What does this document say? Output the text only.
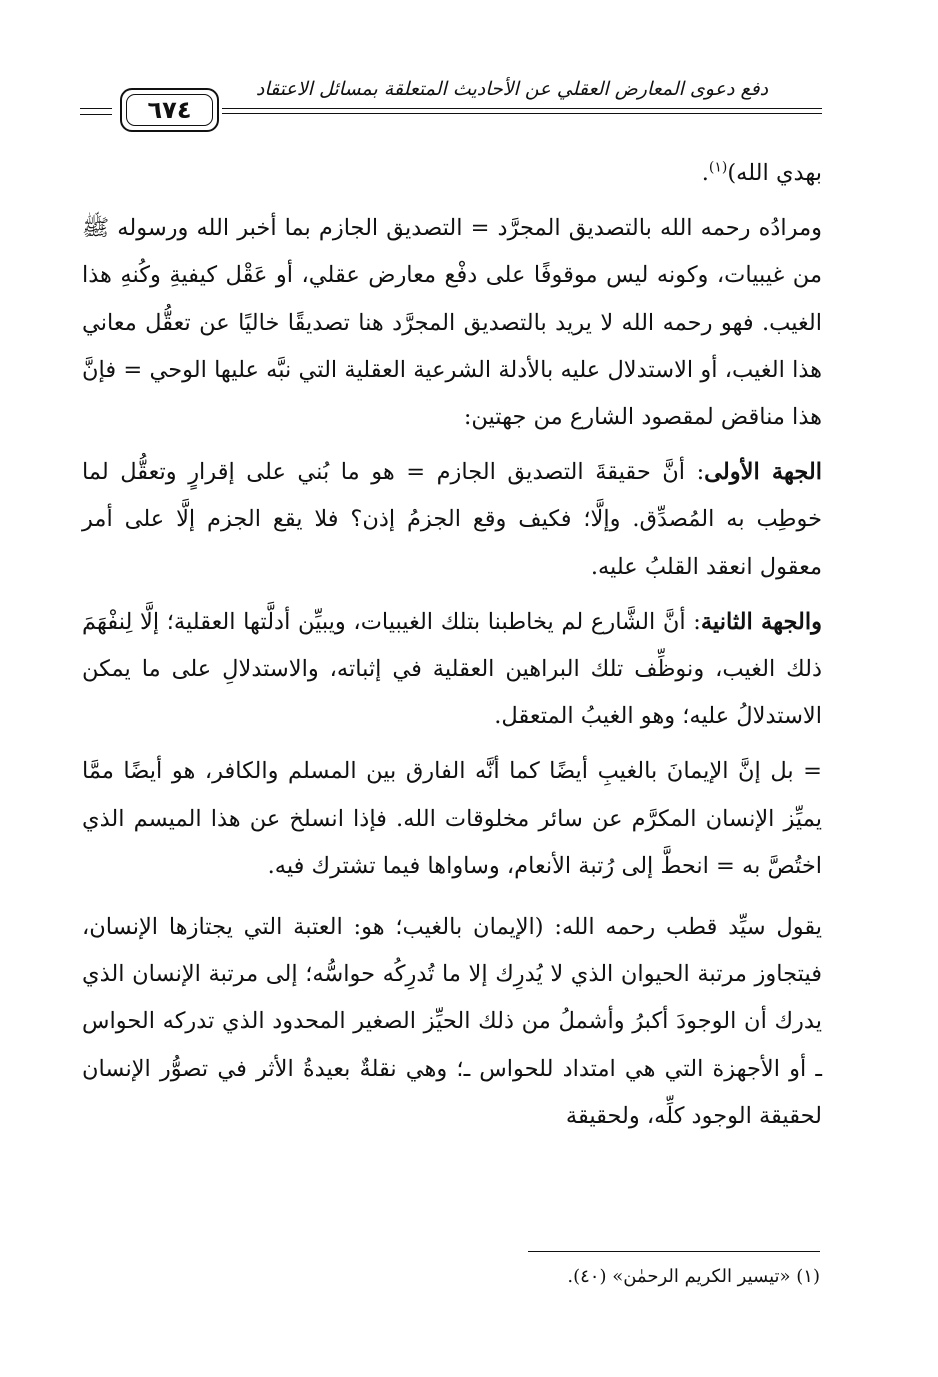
دفع دعوى المعارض العقلي عن الأحاديث المتعلقة بمسائل الاعتقاد
٦٧٤

بهدي الله)$^{(١)}$.

ومرادُه رحمه الله بالتصديق المجرَّد = التصديق الجازم بما أخبر الله ورسوله ﷺ من غيبيات، وكونه ليس موقوفًا على دفْع معارض عقلي، أو عَقْل كيفيةِ وكُنهِ هذا الغيب. فهو رحمه الله لا يريد بالتصديق المجرَّد هنا تصديقًا خاليًا عن تعقُّل معاني هذا الغيب، أو الاستدلال عليه بالأدلة الشرعية العقلية التي نبَّه عليها الوحي = فإنَّ هذا مناقض لمقصود الشارع من جهتين:

الجهة الأولى: أنَّ حقيقةَ التصديق الجازم = هو ما بُني على إقرارٍ وتعقُّل لما خوطِب به المُصدِّق. وإلَّا؛ فكيف وقع الجزمُ إذن؟ فلا يقع الجزم إلَّا على أمر معقول انعقد القلبُ عليه.

والجهة الثانية: أنَّ الشَّارع لم يخاطبنا بتلك الغيبيات، ويبيِّن أدلَّتها العقلية؛ إلَّا لِنفْهَمَ ذلك الغيب، ونوظِّف تلك البراهين العقلية في إثباته، والاستدلالِ على ما يمكن الاستدلالُ عليه؛ وهو الغيبُ المتعقل.

= بل إنَّ الإيمانَ بالغيبِ أيضًا كما أنَّه الفارق بين المسلم والكافر، هو أيضًا ممَّا يميِّز الإنسان المكرَّم عن سائر مخلوقات الله. فإذا انسلخ عن هذا الميسم الذي اختُصَّ به = انحطَّ إلى رُتبة الأنعام، وساواها فيما تشترك فيه.

يقول سيِّد قطب رحمه الله: (الإيمان بالغيب؛ هو: العتبة التي يجتازها الإنسان، فيتجاوز مرتبة الحيوان الذي لا يُدرِك إلا ما تُدرِكُه حواسُّه؛ إلى مرتبة الإنسان الذي يدرك أن الوجودَ أكبرُ وأشملُ من ذلك الحيِّز الصغير المحدود الذي تدركه الحواس ـ أو الأجهزة التي هي امتداد للحواس ـ؛ وهي نقلةٌ بعيدةُ الأثر في تصوُّر الإنسان لحقيقة الوجود كلِّه، ولحقيقة

(١) «تيسير الكريم الرحمٰن» (٤٠).
